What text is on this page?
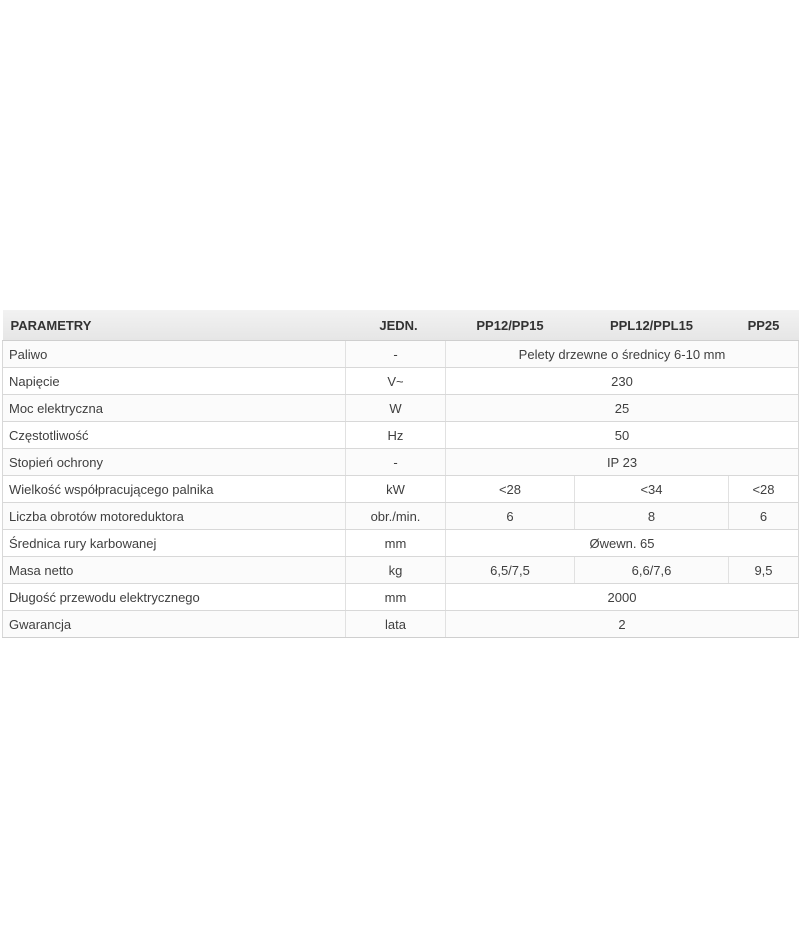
PARAMETRY	JEDN.	PP12/PP15	PPL12/PPL15	PP25
Paliwo	-	Pelety drzewne o średnicy 6-10 mm		
Napięcie	V~	230		
Moc elektryczna	W	25		
Częstotliwość	Hz	50		
Stopień ochrony	-	IP 23		
Wielkość współpracującego palnika	kW	<28	<34	<28
Liczba obrotów motoreduktora	obr./min.	6	8	6
Średnica rury karbowanej	mm	Øwewn. 65		
Masa netto	kg	6,5/7,5	6,6/7,6	9,5
Długość przewodu elektrycznego	mm	2000		
Gwarancja	lata	2		
